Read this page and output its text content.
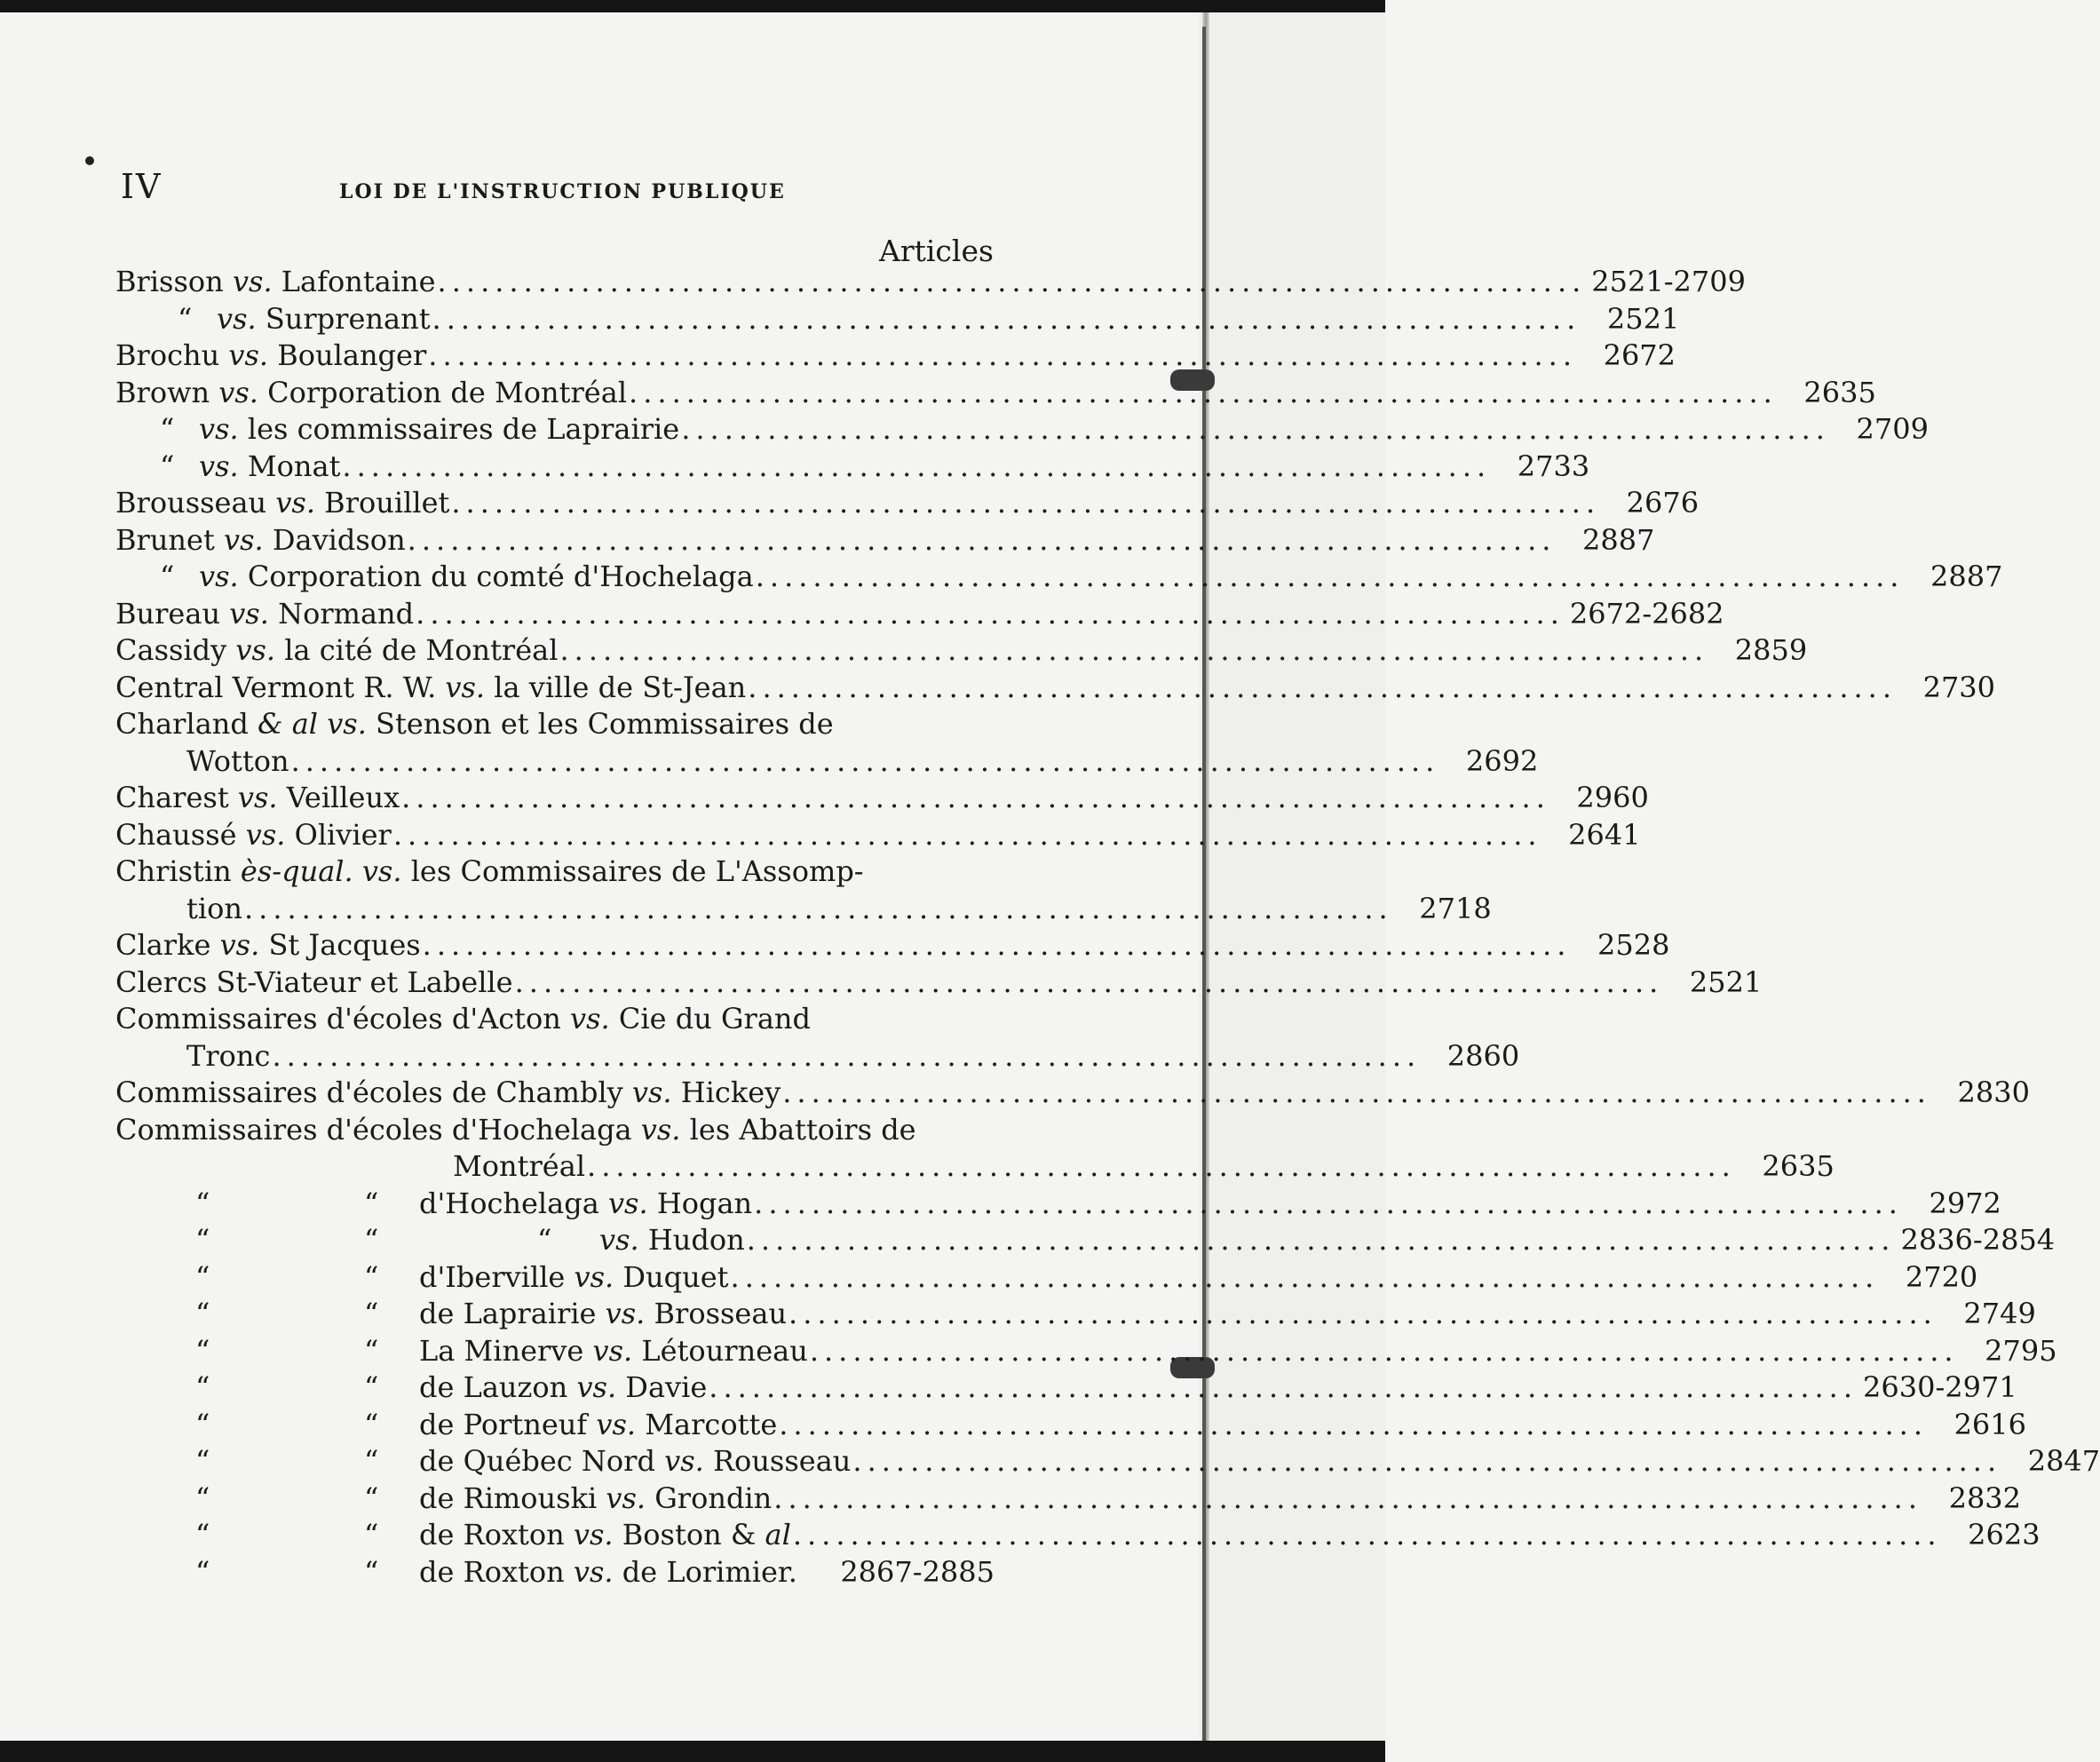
IV	LOI DE L'INSTRUCTION PUBLIQUE
Articles
Brisson vs. Lafontaine ................................................................................ 2521-2709
“ vs. Surprenant ................................................................................ 2521
Brochu vs. Boulanger ................................................................................ 2672
Brown vs. Corporation de Montréal ................................................................................ 2635
“ vs. les commissaires de Laprairie ................................................................................ 2709
“ vs. Monat ................................................................................ 2733
Brousseau vs. Brouillet ................................................................................ 2676
Brunet vs. Davidson ................................................................................ 2887
“ vs. Corporation du comté d'Hochelaga ................................................................................ 2887
Bureau vs. Normand ................................................................................ 2672-2682
Cassidy vs. la cité de Montréal ................................................................................ 2859
Central Vermont R. W. vs. la ville de St-Jean ................................................................................ 2730
Charland & al vs. Stenson et les Commissaires de
Wotton ................................................................................ 2692
Charest vs. Veilleux ................................................................................ 2960
Chaussé vs. Olivier ................................................................................ 2641
Christin ès-qual. vs. les Commissaires de L'Assomp-
tion ................................................................................ 2718
Clarke vs. St Jacques ................................................................................ 2528
Clercs St-Viateur et Labelle ................................................................................ 2521
Commissaires d'écoles d'Acton vs. Cie du Grand
Tronc ................................................................................ 2860
Commissaires d'écoles de Chambly vs. Hickey ................................................................................ 2830
Commissaires d'écoles d'Hochelaga vs. les Abattoirs de
Montréal ................................................................................ 2635
“	“ d'Hochelaga vs. Hogan ................................................................................ 2972
“	“	“ vs. Hudon ................................................................................ 2836-2854
“	“ d'Iberville vs. Duquet ................................................................................ 2720
“	“ de Laprairie vs. Brosseau ................................................................................ 2749
“	“ La Minerve vs. Létourneau ................................................................................ 2795
“	“ de Lauzon vs. Davie ................................................................................ 2630-2971
“	“ de Portneuf vs. Marcotte ................................................................................ 2616
“	“ de Québec Nord vs. Rousseau ................................................................................ 2847
“	“ de Rimouski vs. Grondin ................................................................................ 2832
“	“ de Roxton vs. Boston & al ................................................................................ 2623
“	“ de Roxton vs. de Lorimier. 2867-2885
